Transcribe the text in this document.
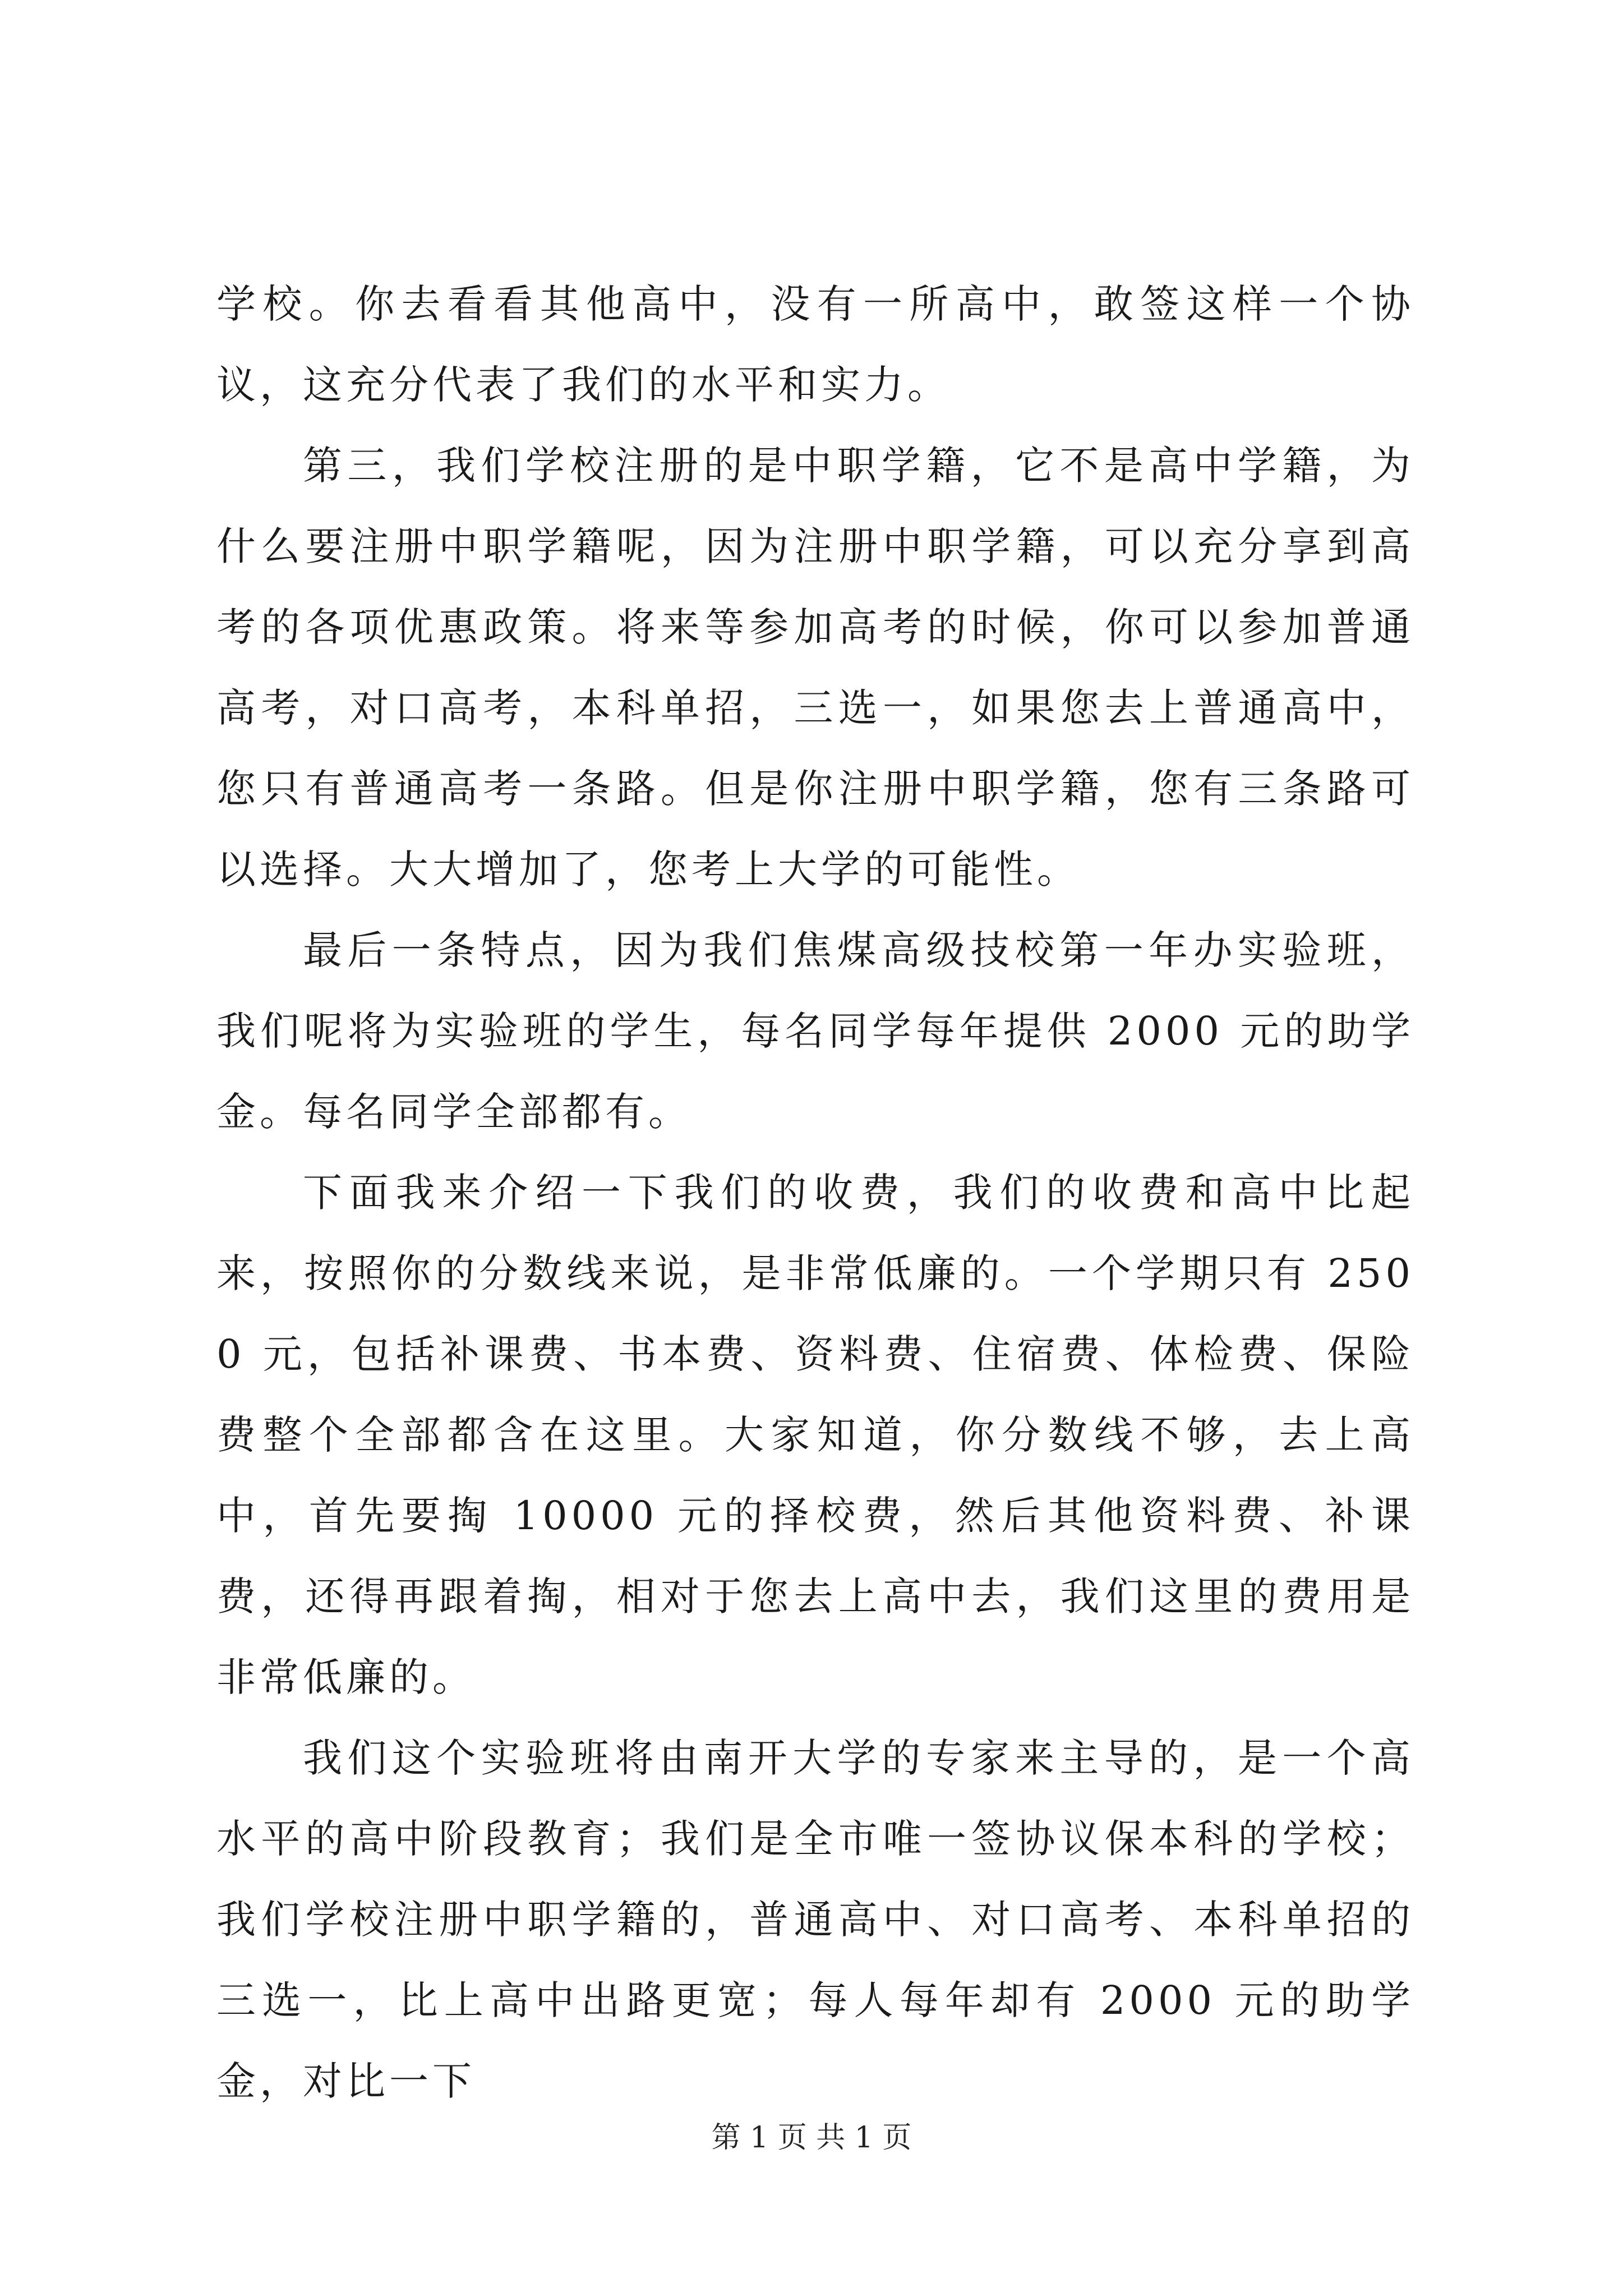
学校。你去看看其他高中，没有一所高中，敢签这样一个协议，这充分代表了我们的水平和实力。

第三，我们学校注册的是中职学籍，它不是高中学籍，为什么要注册中职学籍呢，因为注册中职学籍，可以充分享到高考的各项优惠政策。将来等参加高考的时候，你可以参加普通高考，对口高考，本科单招，三选一，如果您去上普通高中，您只有普通高考一条路。但是你注册中职学籍，您有三条路可以选择。大大增加了，您考上大学的可能性。

最后一条特点，因为我们焦煤高级技校第一年办实验班，我们呢将为实验班的学生，每名同学每年提供 2000 元的助学金。每名同学全部都有。

下面我来介绍一下我们的收费，我们的收费和高中比起来，按照你的分数线来说，是非常低廉的。一个学期只有 2500 元，包括补课费、书本费、资料费、住宿费、体检费、保险费整个全部都含在这里。大家知道，你分数线不够，去上高中，首先要掏 10000 元的择校费，然后其他资料费、补课费，还得再跟着掏，相对于您去上高中去，我们这里的费用是非常低廉的。

我们这个实验班将由南开大学的专家来主导的，是一个高水平的高中阶段教育；我们是全市唯一签协议保本科的学校；我们学校注册中职学籍的，普通高中、对口高考、本科单招的三选一，比上高中出路更宽；每人每年却有 2000 元的助学金，对比一下

第 1 页 共 1 页
